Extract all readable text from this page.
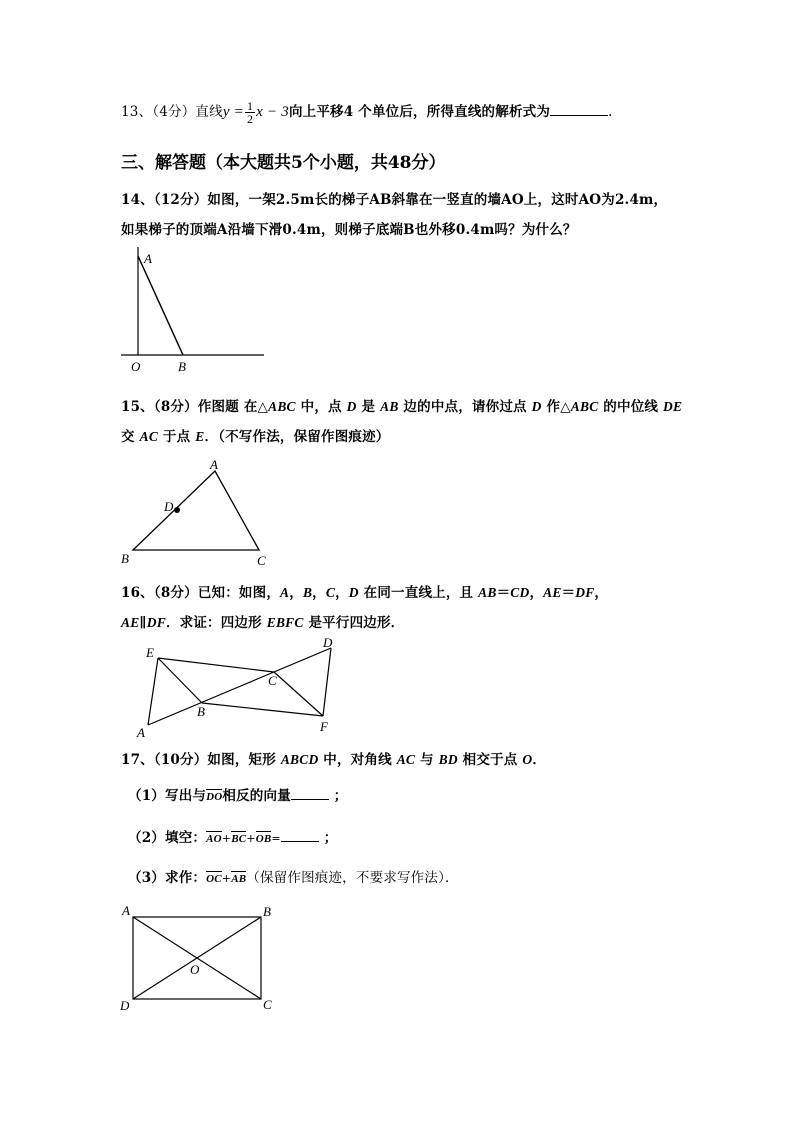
13、（4分）直线$y = \frac{1}{2}$ x − 3向上平移4 个单位后，所得直线的解析式为	.
三、解答题（本大题共5个小题，共48分）
14、（12分）如图，一架2.5m长的梯子AB斜靠在一竖直的墙AO上，这时AO为2.4m，
如果梯子的顶端A沿墙下滑0.4m，则梯子底端B也外移0.4m吗？为什么？
A
O	B
15、（8分）作图题 在△ABC 中，点 D 是 AB 边的中点，请你过点 D 作△ABC 的中位线 DE
交 AC 于点 E．（不写作法，保留作图痕迹）
A
D
B	C
16、（8分）已知：如图，A，B，C，D 在同一直线上，且 AB＝CD，AE＝DF，
AE∥DF．求证：四边形 EBFC 是平行四边形．
E
D
C
B
A	F
17、（10分）如图，矩形 ABCD 中，对角线 AC 与 BD 相交于点 O．
（1）写出与DO相反的向量	；
（2）填空：AO+BC+OB=	；
（3）求作：OC+AB（保留作图痕迹，不要求写作法）．
A	B
O
D	C
